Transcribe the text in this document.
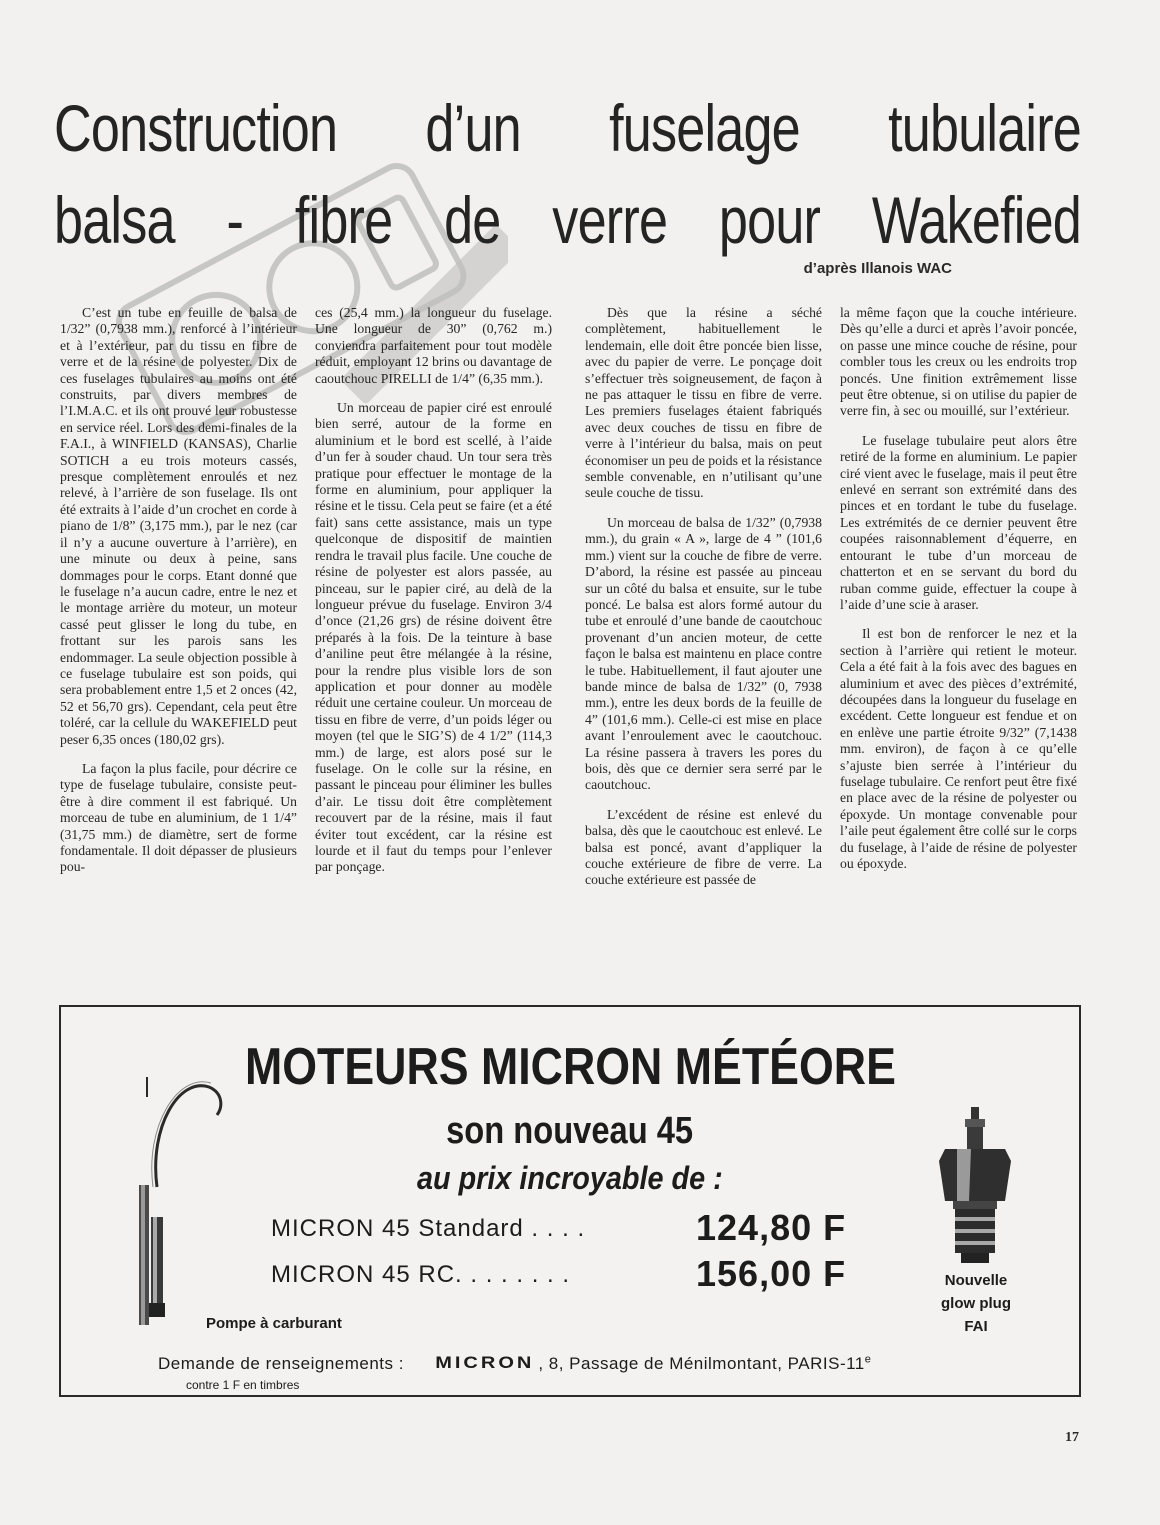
Construction d’un fuselage tubulaire
balsa - fibre de verre pour Wakefied
d’après Illanois WAC

C’est un tube en feuille de balsa de 1/32” (0,7938 mm.), renforcé à l’intérieur et à l’extérieur, par du tissu en fibre de verre et de la résine de polyester. Dix de ces fuselages tubulaires au moins ont été construits, par divers membres de l’I.M.A.C. et ils ont prouvé leur robustesse en service réel. Lors des demi-finales de la F.A.I., à WINFIELD (KANSAS), Charlie SOTICH a eu trois moteurs cassés, presque complètement enroulés et nez relevé, à l’arrière de son fuselage. Ils ont été extraits à l’aide d’un crochet en corde à piano de 1/8” (3,175 mm.), par le nez (car il n’y a aucune ouverture à l’arrière), en une minute ou deux à peine, sans dommages pour le corps. Etant donné que le fuselage n’a aucun cadre, entre le nez et le montage arrière du moteur, un moteur cassé peut glisser le long du tube, en frottant sur les parois sans les endommager. La seule objection possible à ce fuselage tubulaire est son poids, qui sera probablement entre 1,5 et 2 onces (42, 52 et 56,70 grs). Cependant, cela peut être toléré, car la cellule du WAKEFIELD peut peser 6,35 onces (180,02 grs).

La façon la plus facile, pour décrire ce type de fuselage tubulaire, consiste peut-être à dire comment il est fabriqué. Un morceau de tube en aluminium, de 1 1/4” (31,75 mm.) de diamètre, sert de forme fondamentale. Il doit dépasser de plusieurs pou-

ces (25,4 mm.) la longueur du fuselage. Une longueur de 30” (0,762 m.) conviendra parfaitement pour tout modèle réduit, employant 12 brins ou davantage de caoutchouc PIRELLI de 1/4” (6,35 mm.).

Un morceau de papier ciré est enroulé bien serré, autour de la forme en aluminium et le bord est scellé, à l’aide d’un fer à souder chaud. Un tour sera très pratique pour effectuer le montage de la forme en aluminium, pour appliquer la résine et le tissu. Cela peut se faire (et a été fait) sans cette assistance, mais un type quelconque de dispositif de maintien rendra le travail plus facile. Une couche de résine de polyester est alors passée, au pinceau, sur le papier ciré, au delà de la longueur prévue du fuselage. Environ 3/4 d’once (21,26 grs) de résine doivent être préparés à la fois. De la teinture à base d’aniline peut être mélangée à la résine, pour la rendre plus visible lors de son application et pour donner au modèle réduit une certaine couleur. Un morceau de tissu en fibre de verre, d’un poids léger ou moyen (tel que le SIG’S) de 4 1/2” (114,3 mm.) de large, est alors posé sur le fuselage. On le colle sur la résine, en passant le pinceau pour éliminer les bulles d’air. Le tissu doit être complètement recouvert par de la résine, mais il faut éviter tout excédent, car la résine est lourde et il faut du temps pour l’enlever par ponçage.

Dès que la résine a séché complètement, habituellement le lendemain, elle doit être poncée bien lisse, avec du papier de verre. Le ponçage doit s’effectuer très soigneusement, de façon à ne pas attaquer le tissu en fibre de verre. Les premiers fuselages étaient fabriqués avec deux couches de tissu en fibre de verre à l’intérieur du balsa, mais on peut économiser un peu de poids et la résistance semble convenable, en n’utilisant qu’une seule couche de tissu.

Un morceau de balsa de 1/32” (0,7938 mm.), du grain « A », large de 4 ” (101,6 mm.) vient sur la couche de fibre de verre. D’abord, la résine est passée au pinceau sur un côté du balsa et ensuite, sur le tube poncé. Le balsa est alors formé autour du tube et enroulé d’une bande de caoutchouc provenant d’un ancien moteur, de cette façon le balsa est maintenu en place contre le tube. Habituellement, il faut ajouter une bande mince de balsa de 1/32” (0, 7938 mm.), entre les deux bords de la feuille de 4” (101,6 mm.). Celle-ci est mise en place avant l’enroulement avec le caoutchouc. La résine passera à travers les pores du bois, dès que ce dernier sera serré par le caoutchouc.

L’excédent de résine est enlevé du balsa, dès que le caoutchouc est enlevé. Le balsa est poncé, avant d’appliquer la couche extérieure de fibre de verre. La couche extérieure est passée de

la même façon que la couche intérieure. Dès qu’elle a durci et après l’avoir poncée, on passe une mince couche de résine, pour combler tous les creux ou les endroits trop poncés. Une finition extrêmement lisse peut être obtenue, si on utilise du papier de verre fin, à sec ou mouillé, sur l’extérieur.

Le fuselage tubulaire peut alors être retiré de la forme en aluminium. Le papier ciré vient avec le fuselage, mais il peut être enlevé en serrant son extrémité dans des pinces et en tordant le tube du fuselage. Les extrémités de ce dernier peuvent être coupées raisonnablement d’équerre, en entourant le tube d’un morceau de chatterton et en se servant du bord du ruban comme guide, effectuer la coupe à l’aide d’une scie à araser.

Il est bon de renforcer le nez et la section à l’arrière qui retient le moteur. Cela a été fait à la fois avec des bagues en aluminium et avec des pièces d’extrémité, découpées dans la longueur du fuselage en excédent. Cette longueur est fendue et on en enlève une partie étroite 9/32” (7,1438 mm. environ), de façon à ce qu’elle s’ajuste bien serrée à l’intérieur du fuselage tubulaire. Ce renfort peut être fixé en place avec de la résine de polyester ou époxyde. Un montage convenable pour l’aile peut également être collé sur le corps du fuselage, à l’aide de résine de polyester ou époxyde.

MOTEURS MICRON MÉTÉORE
son nouveau 45
au prix incroyable de :
MICRON 45 Standard . . . .	124,80 F
MICRON 45 RC. . . . . . . .	156,00 F
Pompe à carburant
Nouvelle
glow plug
FAI
Demande de renseignements : MICRON , 8, Passage de Ménilmontant, PARIS-11e
contre 1 F en timbres
17
